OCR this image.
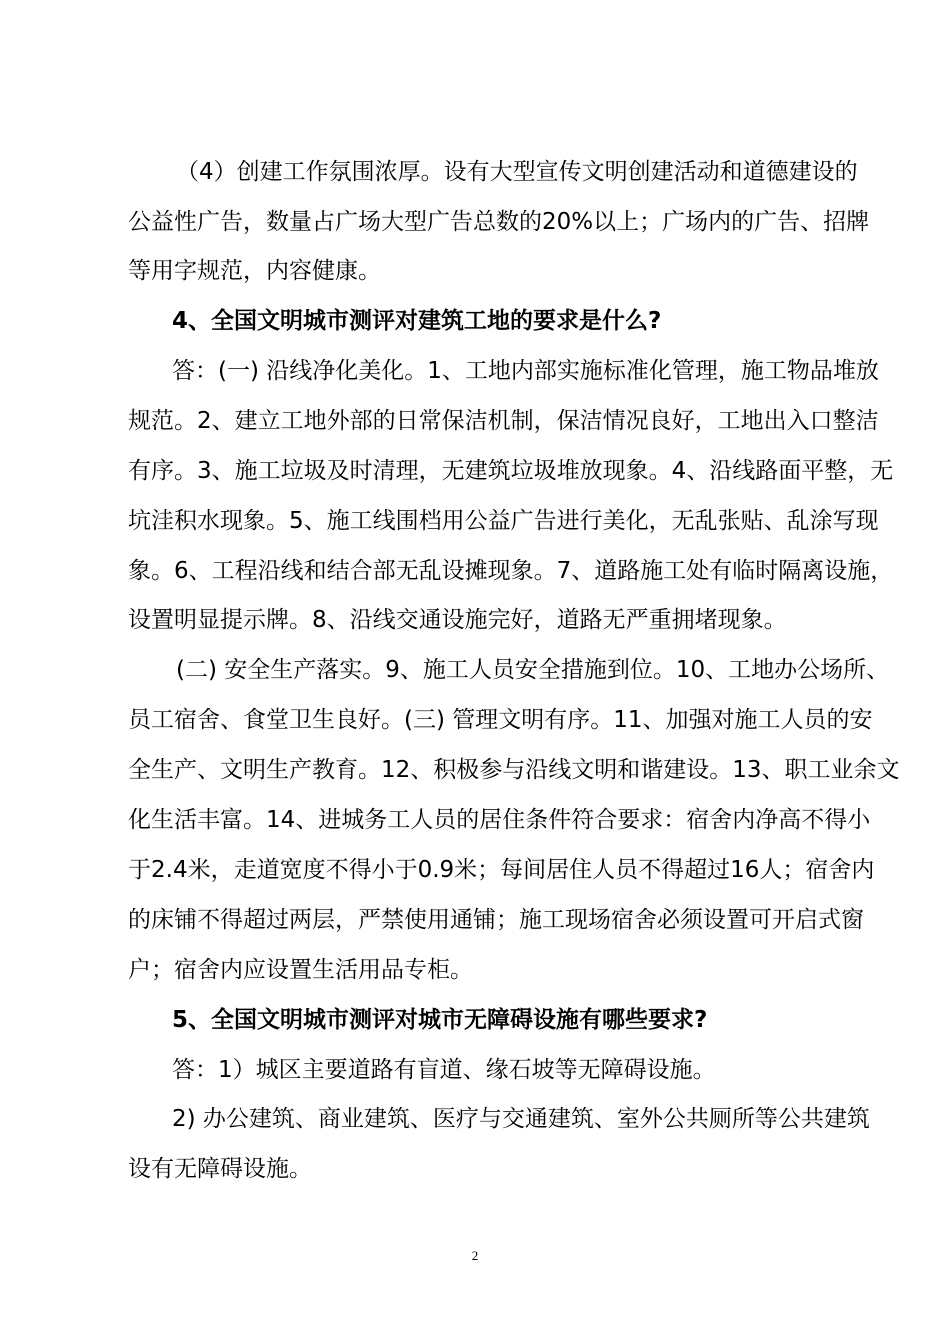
（4）创建工作氛围浓厚。设有大型宣传文明创建活动和道德建设的
公益性广告，数量占广场大型广告总数的20%以上；广场内的广告、招牌
等用字规范，内容健康。
4、全国文明城市测评对建筑工地的要求是什么?
答：(一) 沿线净化美化。1、工地内部实施标准化管理，施工物品堆放
规范。2、建立工地外部的日常保洁机制，保洁情况良好，工地出入口整洁
有序。3、施工垃圾及时清理，无建筑垃圾堆放现象。4、沿线路面平整，无
坑洼积水现象。5、施工线围档用公益广告进行美化，无乱张贴、乱涂写现
象。6、工程沿线和结合部无乱设摊现象。7、道路施工处有临时隔离设施，
设置明显提示牌。8、沿线交通设施完好，道路无严重拥堵现象。
(二) 安全生产落实。9、施工人员安全措施到位。10、工地办公场所、
员工宿舍、食堂卫生良好。(三) 管理文明有序。11、加强对施工人员的安
全生产、文明生产教育。12、积极参与沿线文明和谐建设。13、职工业余文
化生活丰富。14、进城务工人员的居住条件符合要求：宿舍内净高不得小
于2.4米，走道宽度不得小于0.9米；每间居住人员不得超过16人；宿舍内
的床铺不得超过两层，严禁使用通铺；施工现场宿舍必须设置可开启式窗
户；宿舍内应设置生活用品专柜。
5、全国文明城市测评对城市无障碍设施有哪些要求?
答：1）城区主要道路有盲道、缘石坡等无障碍设施。
2) 办公建筑、商业建筑、医疗与交通建筑、室外公共厕所等公共建筑
设有无障碍设施。
2
